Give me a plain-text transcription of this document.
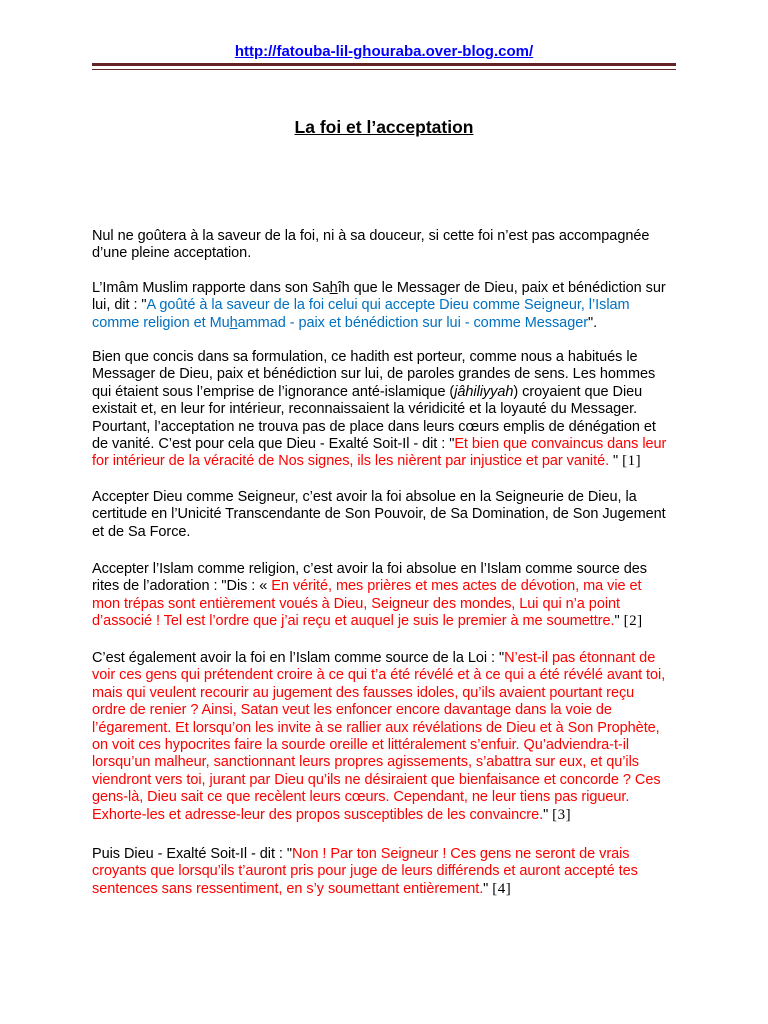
http://fatouba-lil-ghouraba.over-blog.com/
La foi et l’acceptation
Nul ne goûtera à la saveur de la foi, ni à sa douceur, si cette foi n’est pas accompagnée
d’une pleine acceptation.
L’Imâm Muslim rapporte dans son Sahîh que le Messager de Dieu, paix et bénédiction sur
lui, dit : "A goûté à la saveur de la foi celui qui accepte Dieu comme Seigneur, l’Islam
comme religion et Muhammad - paix et bénédiction sur lui - comme Messager".
Bien que concis dans sa formulation, ce hadith est porteur, comme nous a habitués le
Messager de Dieu, paix et bénédiction sur lui, de paroles grandes de sens. Les hommes
qui étaient sous l’emprise de l’ignorance anté-islamique (jâhiliyyah) croyaient que Dieu
existait et, en leur for intérieur, reconnaissaient la véridicité et la loyauté du Messager.
Pourtant, l’acceptation ne trouva pas de place dans leurs cœurs emplis de dénégation et
de vanité. C’est pour cela que Dieu - Exalté Soit-Il - dit : "Et bien que convaincus dans leur
for intérieur de la véracité de Nos signes, ils les nièrent par injustice et par vanité. " [1]
Accepter Dieu comme Seigneur, c’est avoir la foi absolue en la Seigneurie de Dieu, la
certitude en l’Unicité Transcendante de Son Pouvoir, de Sa Domination, de Son Jugement
et de Sa Force.
Accepter l’Islam comme religion, c’est avoir la foi absolue en l’Islam comme source des
rites de l’adoration : "Dis : « En vérité, mes prières et mes actes de dévotion, ma vie et
mon trépas sont entièrement voués à Dieu, Seigneur des mondes, Lui qui n’a point
d’associé ! Tel est l’ordre que j’ai reçu et auquel je suis le premier à me soumettre." [2]
C’est également avoir la foi en l’Islam comme source de la Loi : "N’est-il pas étonnant de
voir ces gens qui prétendent croire à ce qui t’a été révélé et à ce qui a été révélé avant toi,
mais qui veulent recourir au jugement des fausses idoles, qu’ils avaient pourtant reçu
ordre de renier ? Ainsi, Satan veut les enfoncer encore davantage dans la voie de
l’égarement. Et lorsqu’on les invite à se rallier aux révélations de Dieu et à Son Prophète,
on voit ces hypocrites faire la sourde oreille et littéralement s’enfuir. Qu’adviendra-t-il
lorsqu’un malheur, sanctionnant leurs propres agissements, s’abattra sur eux, et qu’ils
viendront vers toi, jurant par Dieu qu’ils ne désiraient que bienfaisance et concorde ? Ces
gens-là, Dieu sait ce que recèlent leurs cœurs. Cependant, ne leur tiens pas rigueur.
Exhorte-les et adresse-leur des propos susceptibles de les convaincre." [3]
Puis Dieu - Exalté Soit-Il - dit : "Non ! Par ton Seigneur ! Ces gens ne seront de vrais
croyants que lorsqu’ils t’auront pris pour juge de leurs différends et auront accepté tes
sentences sans ressentiment, en s’y soumettant entièrement." [4]
